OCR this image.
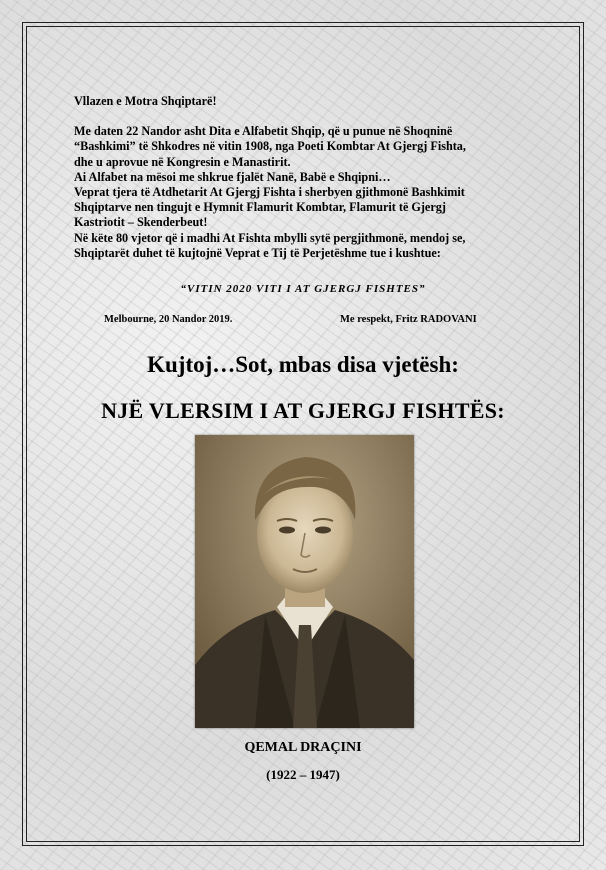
Vllazen e Motra Shqiptarë!
Me daten 22 Nandor asht Dita e Alfabetit Shqip, që u punue në Shoqninë
“Bashkimi” të Shkodres në vitin 1908, nga Poeti Kombtar At Gjergj Fishta,
dhe u aprovue në Kongresin e Manastirit.
Ai Alfabet na mësoi me shkrue fjalët Nanë, Babë e Shqipni…
Veprat tjera të Atdhetarit At Gjergj Fishta i sherbyen gjithmonë Bashkimit
Shqiptarve nen tingujt e Hymnit Flamurit Kombtar, Flamurit të Gjergj
Kastriotit – Skenderbeut!
Në këte 80 vjetor që i madhi At Fishta mbylli sytë pergjithmonë, mendoj se,
Shqiptarët duhet të kujtojnë Veprat e Tij të Perjetëshme tue i kushtue:
“VITIN 2020 VITI I AT GJERGJ FISHTES”
Melbourne, 20 Nandor 2019.	Me respekt, Fritz RADOVANI
Kujtoj…Sot, mbas disa vjetësh:
NJË VLERSIM I AT GJERGJ FISHTËS:
QEMAL DRAÇINI
(1922 – 1947)
